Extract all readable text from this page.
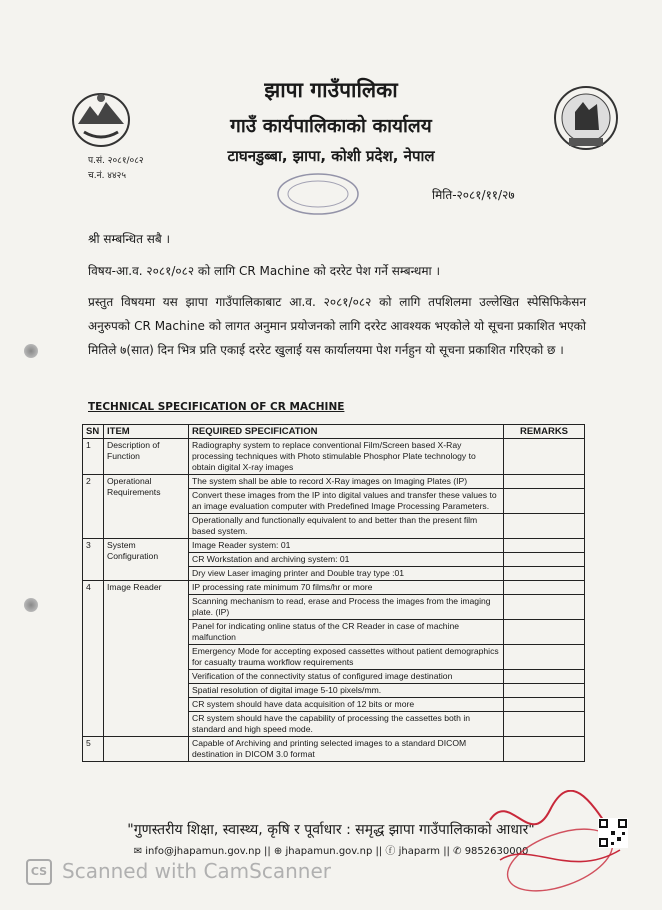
झापा गाउँपालिका
गाउँ कार्यपालिकाको कार्यालय
टाघनडुब्बा, झापा, कोशी प्रदेश, नेपाल
प.सं. २०८१/०८२
च.नं. ४४२५
मिति-२०८१/११/२७
श्री सम्बन्धित सबै ।
विषय-आ.व. २०८१/०८२ को लागि CR Machine को दररेट पेश गर्ने सम्बन्धमा ।
प्रस्तुत विषयमा यस झापा गाउँपालिकाबाट आ.व. २०८१/०८२ को लागि तपशिलमा उल्लेखित स्पेसिफिकेसन अनुरुपको CR Machine को लागत अनुमान प्रयोजनको लागि दररेट आवश्यक भएकोले यो सूचना प्रकाशित भएको मितिले ७(सात) दिन भित्र प्रति एकाई दररेट खुलाई यस कार्यालयमा पेश गर्नहुन यो सूचना प्रकाशित गरिएको छ ।
TECHNICAL SPECIFICATION OF CR MACHINE
SN	ITEM	REQUIRED SPECIFICATION	REMARKS
1	Description of Function	Radiography system to replace conventional Film/Screen based X-Ray processing techniques with Photo stimulable Phosphor Plate technology to obtain digital X-ray images	
2	Operational Requirements	The system shall be able to record X-Ray images on Imaging Plates (IP)	
		Convert these images from the IP into digital values and transfer these values to an image evaluation computer with Predefined Image Processing Parameters.	
		Operationally and functionally equivalent to and better than the present film based system.	
3	System Configuration	Image Reader system: 01	
		CR Workstation and archiving system: 01	
		Dry view Laser imaging printer and Double tray type :01	
4	Image Reader	IP processing rate minimum 70 films/hr or more	
		Scanning mechanism to read, erase and Process the images from the imaging plate. (IP)	
		Panel for indicating online status of the CR Reader in case of machine malfunction	
		Emergency Mode for accepting exposed cassettes without patient demographics for casualty trauma workflow requirements	
		Verification of the connectivity status of configured image destination	
		Spatial resolution of digital image 5-10 pixels/mm.	
		CR system should have data acquisition of 12 bits or more	
		CR system should have the capability of processing the cassettes both in standard and high speed mode.	
5		Capable of Archiving and printing selected images to a standard DICOM destination in DICOM 3.0 format	
"गुणस्तरीय शिक्षा, स्वास्थ्य, कृषि र पूर्वाधार : समृद्ध झापा गाउँपालिकाको आधार"
✉ info@jhapamun.gov.np || ⊕ jhapamun.gov.np || ⓕ jhaparm || ✆ 9852630000
CS Scanned with CamScanner
